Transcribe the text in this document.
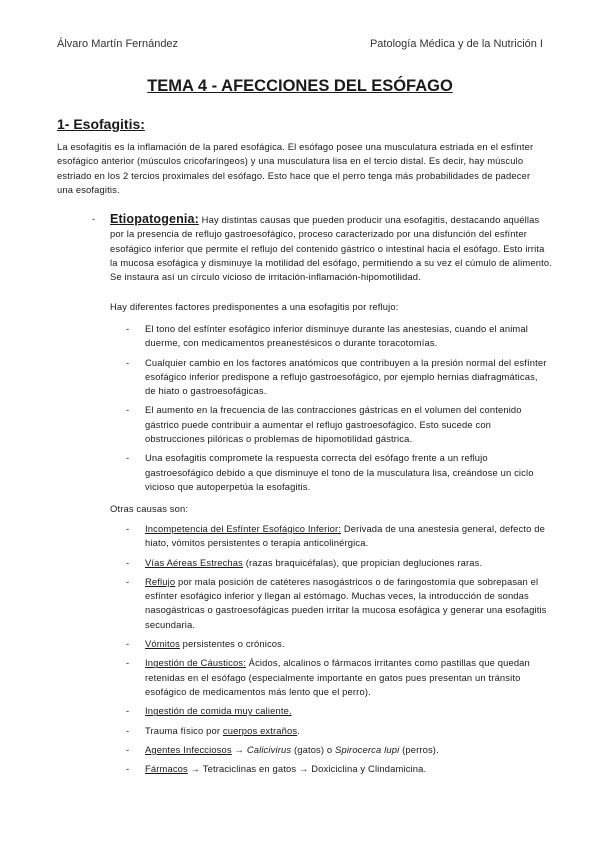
Álvaro Martín Fernández	Patología Médica y de la Nutrición I
TEMA 4 - AFECCIONES DEL ESÓFAGO
1- Esofagitis:
La esofagitis es la inflamación de la pared esofágica. El esófago posee una musculatura estriada en el esfínter esofágico anterior (músculos cricofaríngeos) y una musculatura lisa en el tercio distal. Es decir, hay músculo estriado en los 2 tercios proximales del esófago. Esto hace que el perro tenga más probabilidades de padecer una esofagitis.
-	Etiopatogenia: Hay distintas causas que pueden producir una esofagitis, destacando aquéllas por la presencia de reflujo gastroesofágico, proceso caracterizado por una disfunción del esfínter esofágico inferior que permite el reflujo del contenido gástrico o intestinal hacia el esófago. Esto irrita la mucosa esofágica y disminuye la motilidad del esófago, permitiendo a su vez el cúmulo de alimento. Se instaura así un círculo vicioso de irritación-inflamación-hipomotilidad.
Hay diferentes factores predisponentes a una esofagitis por reflujo:
-	El tono del esfínter esofágico inferior disminuye durante las anestesias, cuando el animal duerme, con medicamentos preanestésicos o durante toracotomías.
-	Cualquier cambio en los factores anatómicos que contribuyen a la presión normal del esfínter esofágico inferior predispone a reflujo gastroesofágico, por ejemplo hernias diafragmáticas, de hiato o gastroesofágicas.
-	El aumento en la frecuencia de las contracciones gástricas en el volumen del contenido gástrico puede contribuir a aumentar el reflujo gastroesofágico. Esto sucede con obstrucciones pilóricas o problemas de hipomotilidad gástrica.
-	Una esofagitis compromete la respuesta correcta del esófago frente a un reflujo gastroesofágico debido a que disminuye el tono de la musculatura lisa, creándose un ciclo vicioso que autoperpetúa la esofagitis.
Otras causas son:
-	Incompetencia del Esfínter Esofágico Inferior: Derivada de una anestesia general, defecto de hiato, vómitos persistentes o terapia anticolinérgica.
-	Vías Aéreas Estrechas (razas braquicéfalas), que propician degluciones raras.
-	Reflujo por mala posición de catéteres nasogástricos o de faringostomía que sobrepasan el esfínter esofágico inferior y llegan al estómago. Muchas veces, la introducción de sondas nasogástricas o gastroesofágicas pueden irritar la mucosa esofágica y generar una esofagitis secundaria.
-	Vómitos persistentes o crónicos.
-	Ingestión de Cáusticos: Ácidos, alcalinos o fármacos irritantes como pastillas que quedan retenidas en el esófago (especialmente importante en gatos pues presentan un tránsito esofágico de medicamentos más lento que el perro).
-	Ingestión de comida muy caliente.
-	Trauma físico por cuerpos extraños.
-	Agentes Infecciosos → Calicivirus (gatos) o Spirocerca lupi (perros).
-	Fármacos → Tetraciclinas en gatos → Doxiciclina y Clindamicina.
